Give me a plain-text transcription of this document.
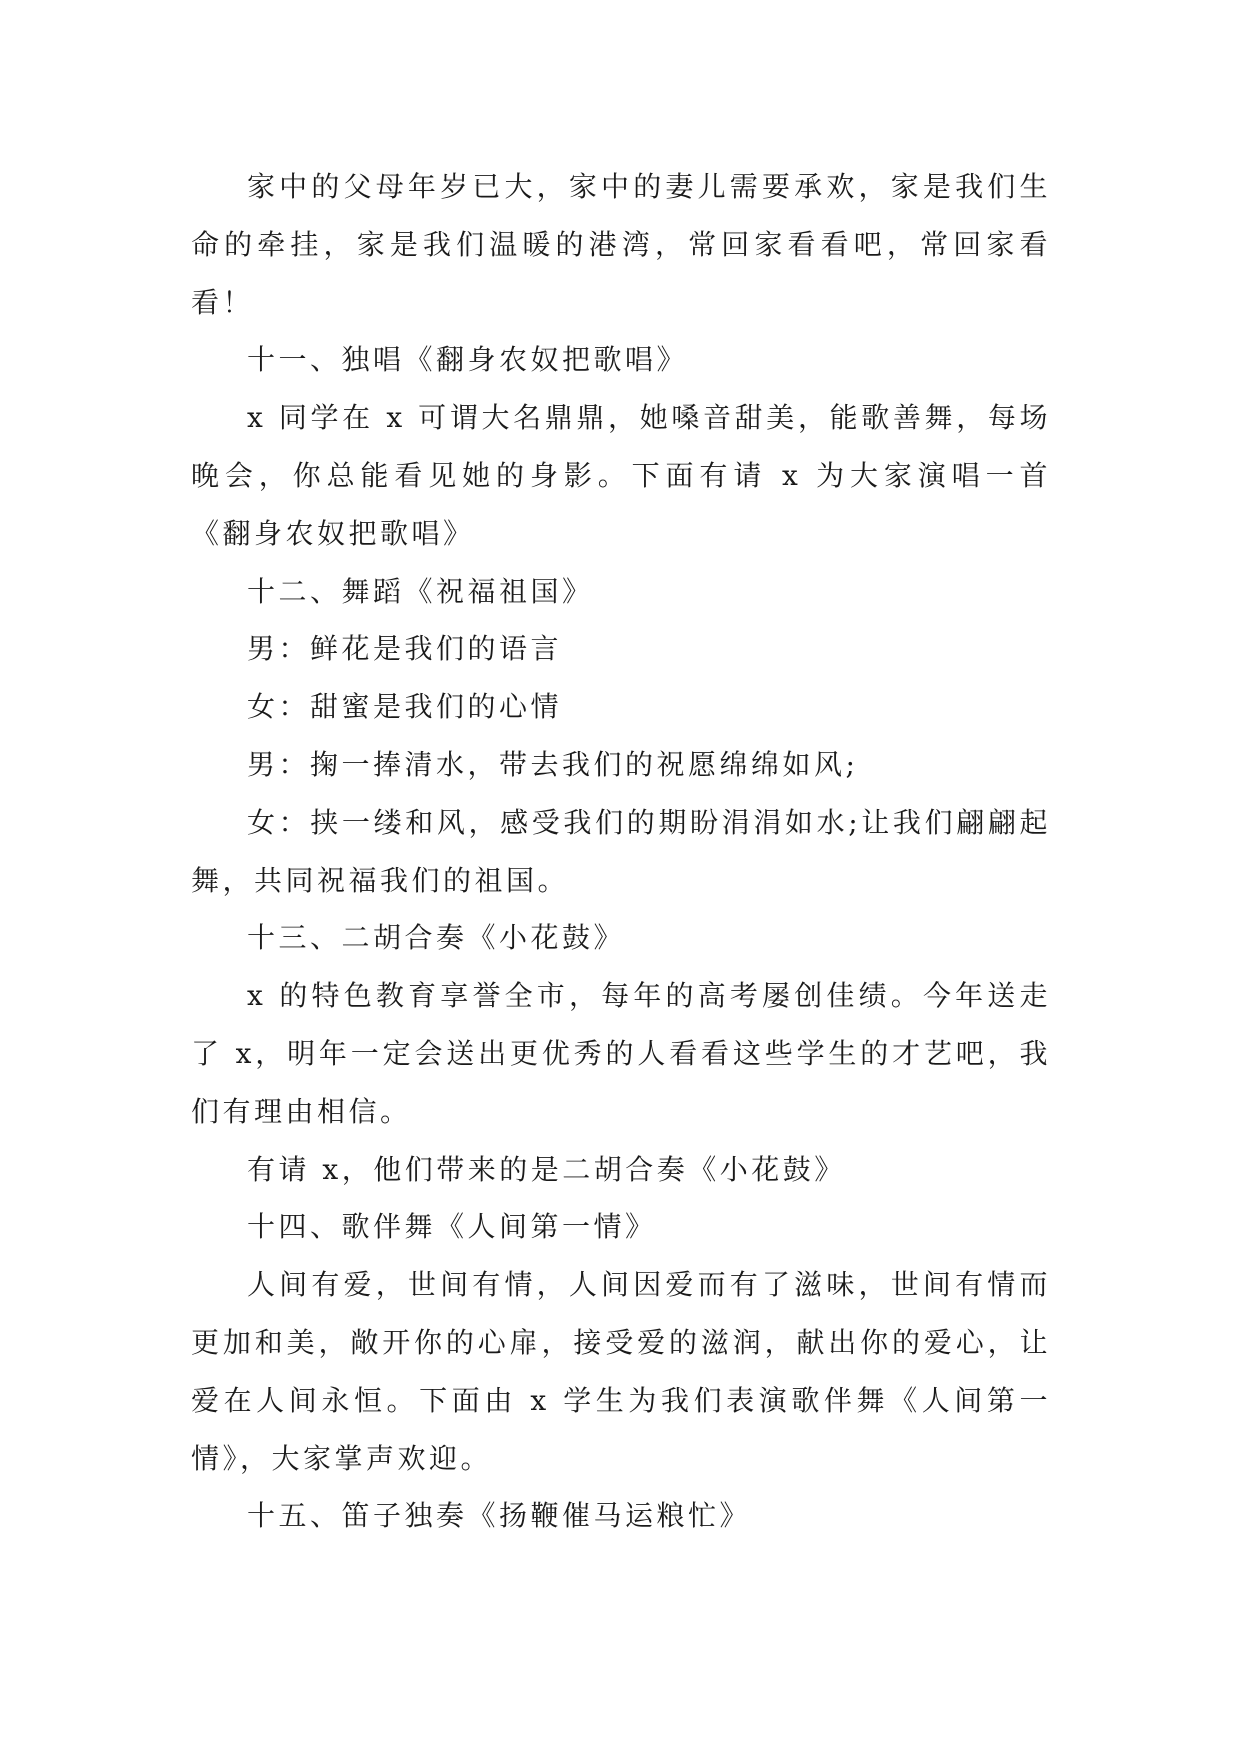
家中的父母年岁已大，家中的妻儿需要承欢，家是我们生命的牵挂，家是我们温暖的港湾，常回家看看吧，常回家看看！

十一、独唱《翻身农奴把歌唱》

x 同学在 x 可谓大名鼎鼎，她嗓音甜美，能歌善舞，每场晚会，你总能看见她的身影。下面有请 x 为大家演唱一首《翻身农奴把歌唱》

十二、舞蹈《祝福祖国》

男：鲜花是我们的语言

女：甜蜜是我们的心情

男：掬一捧清水，带去我们的祝愿绵绵如风;

女：挟一缕和风，感受我们的期盼涓涓如水;让我们翩翩起舞，共同祝福我们的祖国。

十三、二胡合奏《小花鼓》

x 的特色教育享誉全市，每年的高考屡创佳绩。今年送走了 x，明年一定会送出更优秀的人看看这些学生的才艺吧，我们有理由相信。

有请 x，他们带来的是二胡合奏《小花鼓》

十四、歌伴舞《人间第一情》

人间有爱，世间有情，人间因爱而有了滋味，世间有情而更加和美，敞开你的心扉，接受爱的滋润，献出你的爱心，让爱在人间永恒。下面由 x 学生为我们表演歌伴舞《人间第一情》，大家掌声欢迎。

十五、笛子独奏《扬鞭催马运粮忙》
